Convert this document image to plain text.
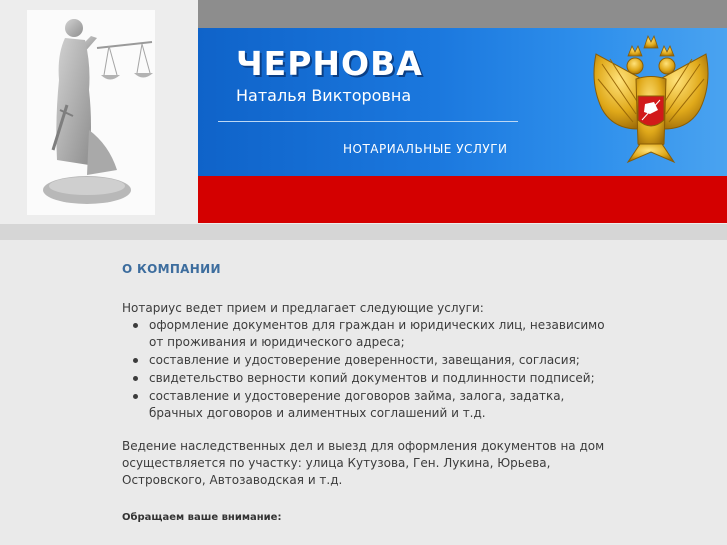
ЧЕРНОВА
Наталья Викторовна
НОТАРИАЛЬНЫЕ УСЛУГИ
О КОМПАНИИ
Нотариус ведет прием и предлагает следующие услуги:
оформление документов для граждан и юридических лиц, независимо от проживания и юридического адреса;
составление и удостоверение доверенности, завещания, согласия;
свидетельство верности копий документов и подлинности подписей;
составление и удостоверение договоров займа, залога, задатка, брачных договоров и алиментных соглашений и т.д.
Ведение наследственных дел и выезд для оформления документов на дом осуществляется по участку: улица Кутузова, Ген. Лукина, Юрьева, Островского, Автозаводская и т.д.
Обращаем ваше внимание:
